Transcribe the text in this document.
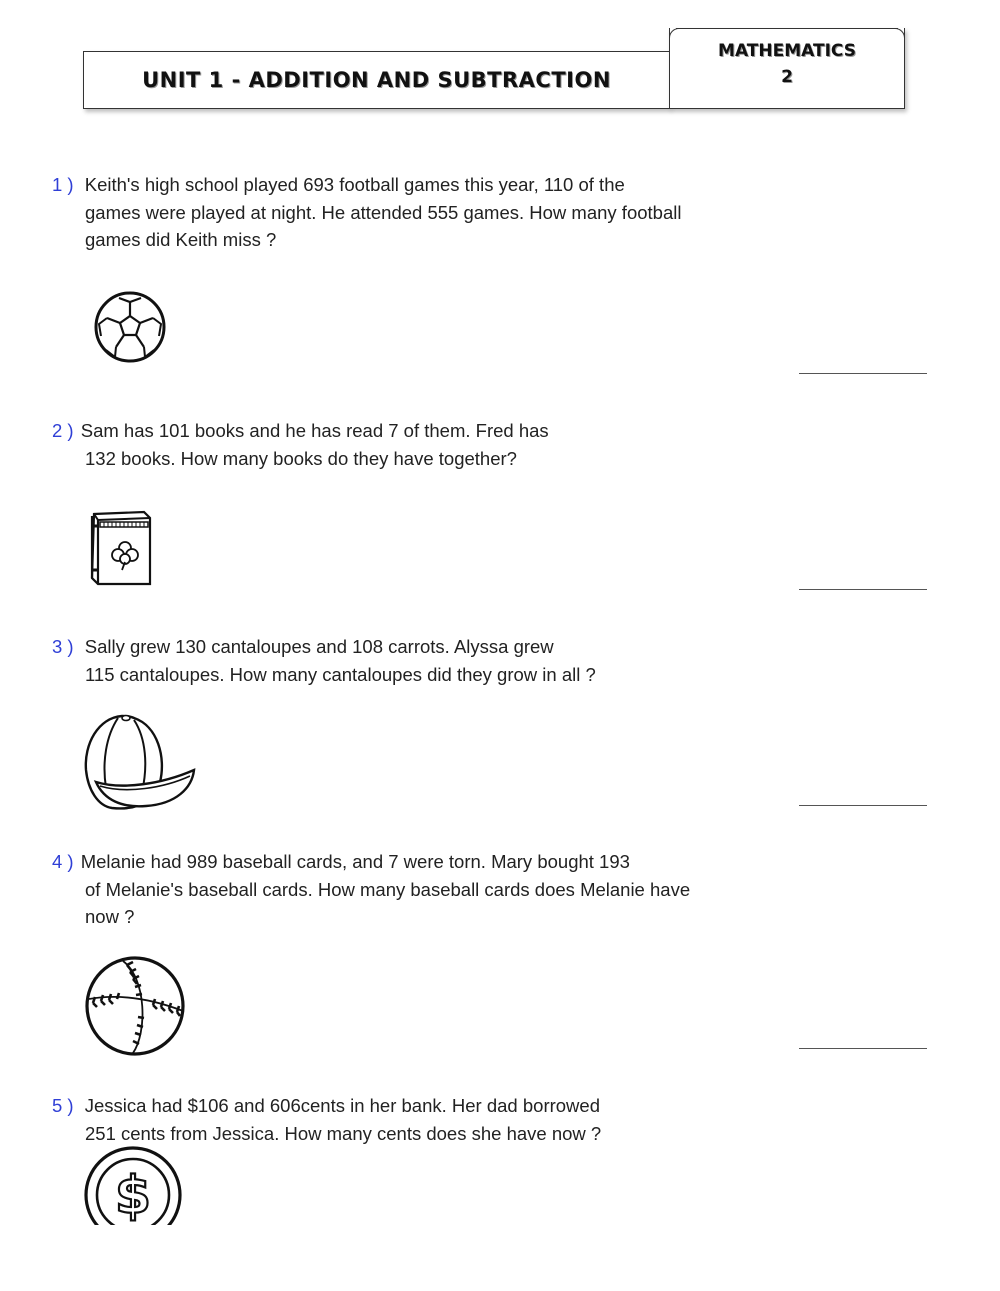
UNIT 1 - ADDITION AND SUBTRACTION
MATHEMATICS
2
1 ) Keith's high school played 693 football games this year, 110 of the
games were played at night. He attended 555 games. How many football
games did Keith miss ?
2 ) Sam has 101 books and he has read 7 of them. Fred has
132 books. How many books do they have together?
3 ) Sally grew 130 cantaloupes and 108 carrots. Alyssa grew
115 cantaloupes. How many cantaloupes did they grow in all ?
4 ) Melanie had 989 baseball cards, and 7 were torn. Mary bought 193
of Melanie's baseball cards. How many baseball cards does Melanie have
now ?
5 ) Jessica had $106 and 606cents in her bank. Her dad borrowed
251 cents from Jessica. How many cents does she have now ?
$
